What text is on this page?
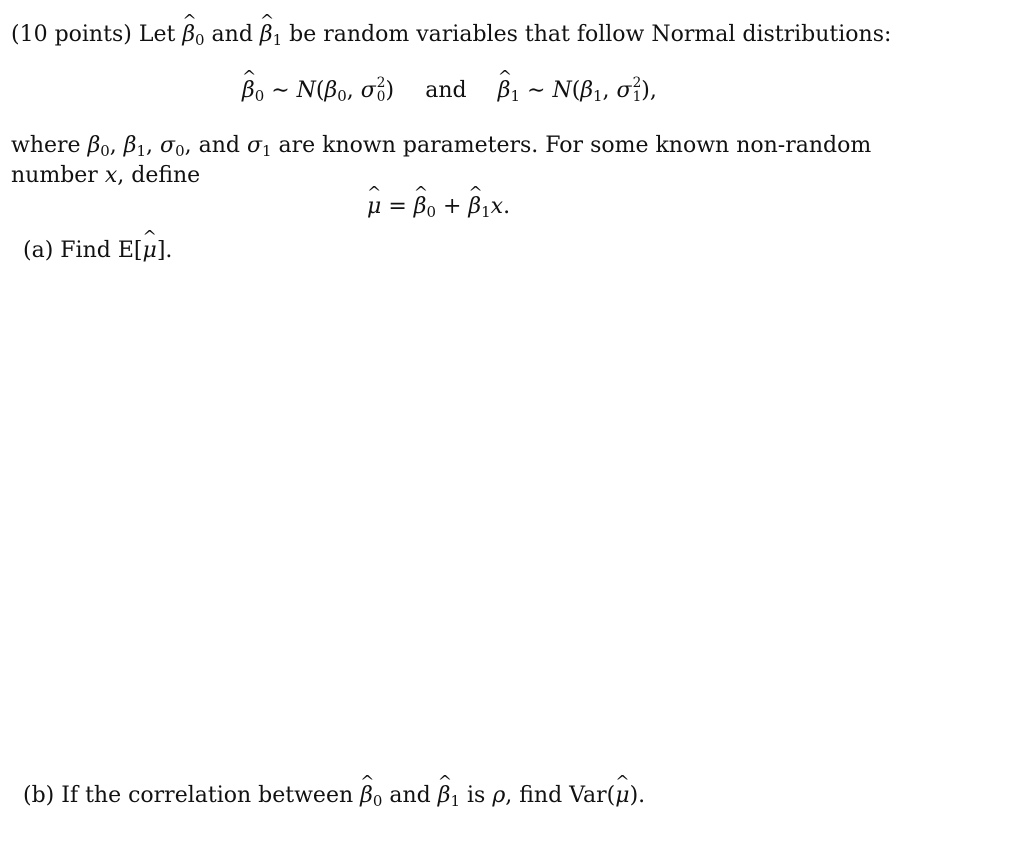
(10 points) Let ^ $\beta_0$ and ^ $\beta_1$ be random variables that follow Normal distributions:
^ $\beta_0$ ∼ $N(\beta_0$, σ 2
0 ) and ^ $\beta_1$ ∼ $N(\beta_1$, σ 2
1 ),
where $\beta_0$, $\beta_1$, $\sigma_0$, and $\sigma_1$ are known parameters. For some known non-random
number x, define
^ μ = ^ $\beta_0$ + ^ $\beta_1x$.
(a) Find E[^ μ].
(b) If the correlation between ^ $\beta_0$ and ^ $\beta_1$ is ρ, find Var(^ μ).
